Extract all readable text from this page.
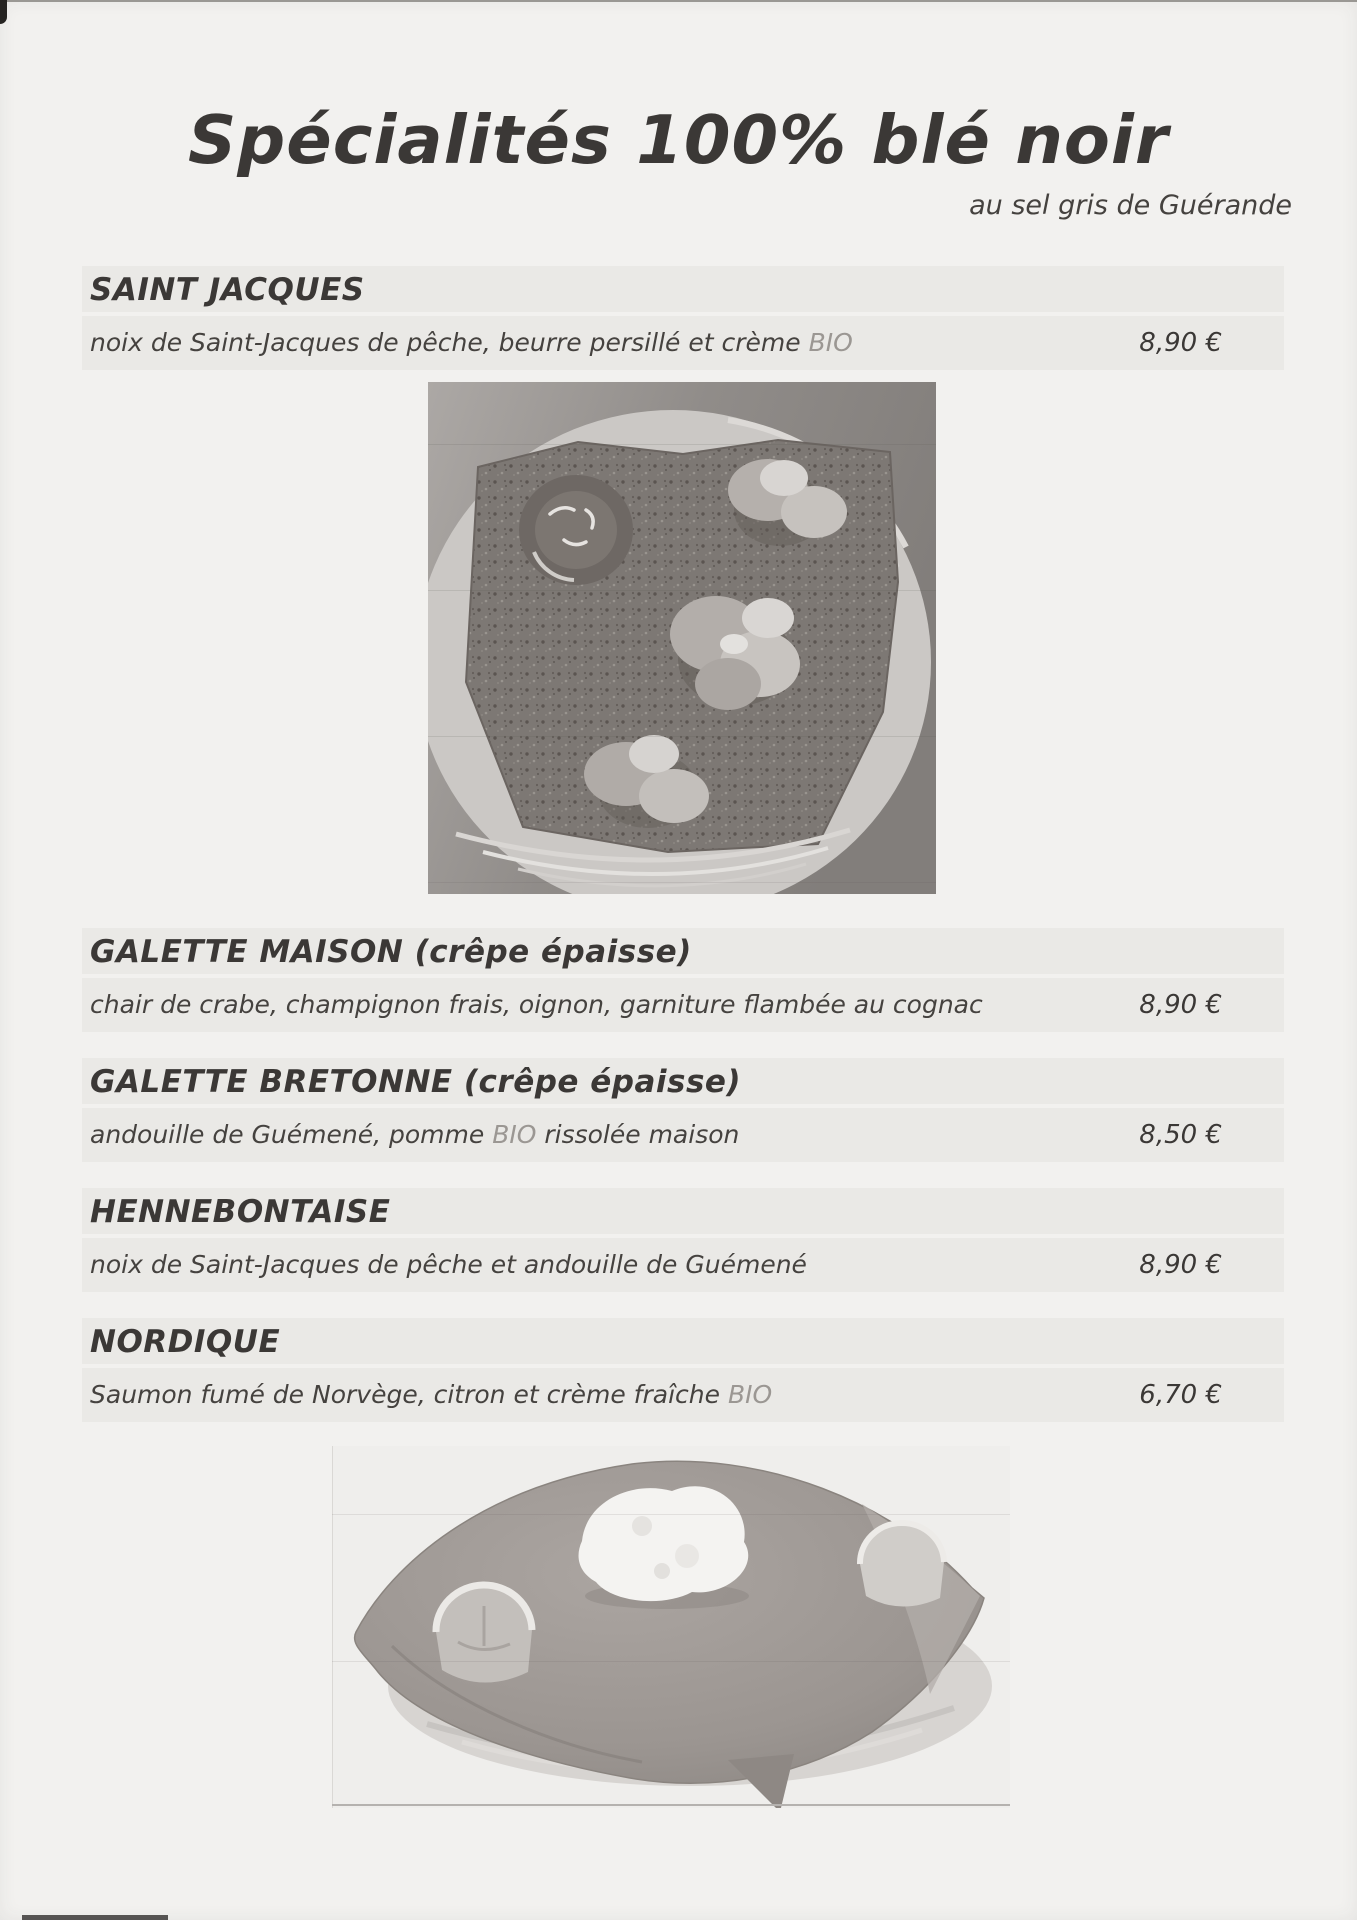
Spécialités 100% blé noir
au sel gris de Guérande
SAINT JACQUES

noix de Saint-Jacques de pêche, beurre persillé et crème BIO	8,90 €
GALETTE MAISON (crêpe épaisse)

chair de crabe, champignon frais, oignon, garniture flambée au cognac	8,90 €
GALETTE BRETONNE (crêpe épaisse)

andouille de Guémené, pomme BIO rissolée maison	8,50 €
HENNEBONTAISE

noix de Saint-Jacques de pêche et andouille de Guémené	8,90 €
NORDIQUE

Saumon fumé de Norvège, citron et crème fraîche BIO	6,70 €
